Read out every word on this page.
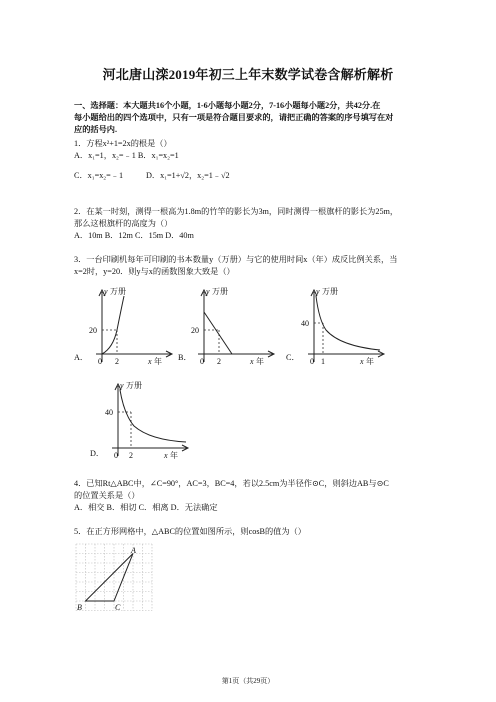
河北唐山滦2019年初三上年末数学试卷含解析解析
一、选择题：本大题共16个小题，1-6小题每小题2分，7-16小题每小题2分，共42分.在
每小题给出的四个选项中，只有一项是符合题目要求的，请把正确的答案的序号填写在对
应的括号内.
1．方程x²+1=2x的根是（）
A．x₁=1，x₂=﹣1 B．x₁=x₂=1
C．x₁=x₂=﹣1	D．x₁=1+√2，x₂=1﹣√2
2．在某一时刻，测得一根高为1.8m的竹竿的影长为3m，同时测得一根旗杆的影长为25m，
那么这根旗杆的高度为（）
A．10m B．12m C．15m D．40m
3．一台印刷机每年可印刷的书本数量y（万册）与它的使用时间x（年）成反比例关系，当
x=2时，y=20．则y与x的函数图象大致是（）
A．
y 万册
x 年
0 2
20
B．
y 万册
x 年
0 2
20
C．
y 万册
x 年
0 1
40
D．
y 万册
x 年
0 2
40
4．已知Rt△ABC中，∠C=90°，AC=3，BC=4，若以2.5cm为半径作⊙C，则斜边AB与⊙C
的位置关系是（）
A．相交 B．相切 C．相离 D．无法确定
5．在正方形网格中，△ABC的位置如图所示，则cosB的值为（）
A
B	C
第1页（共29页）
